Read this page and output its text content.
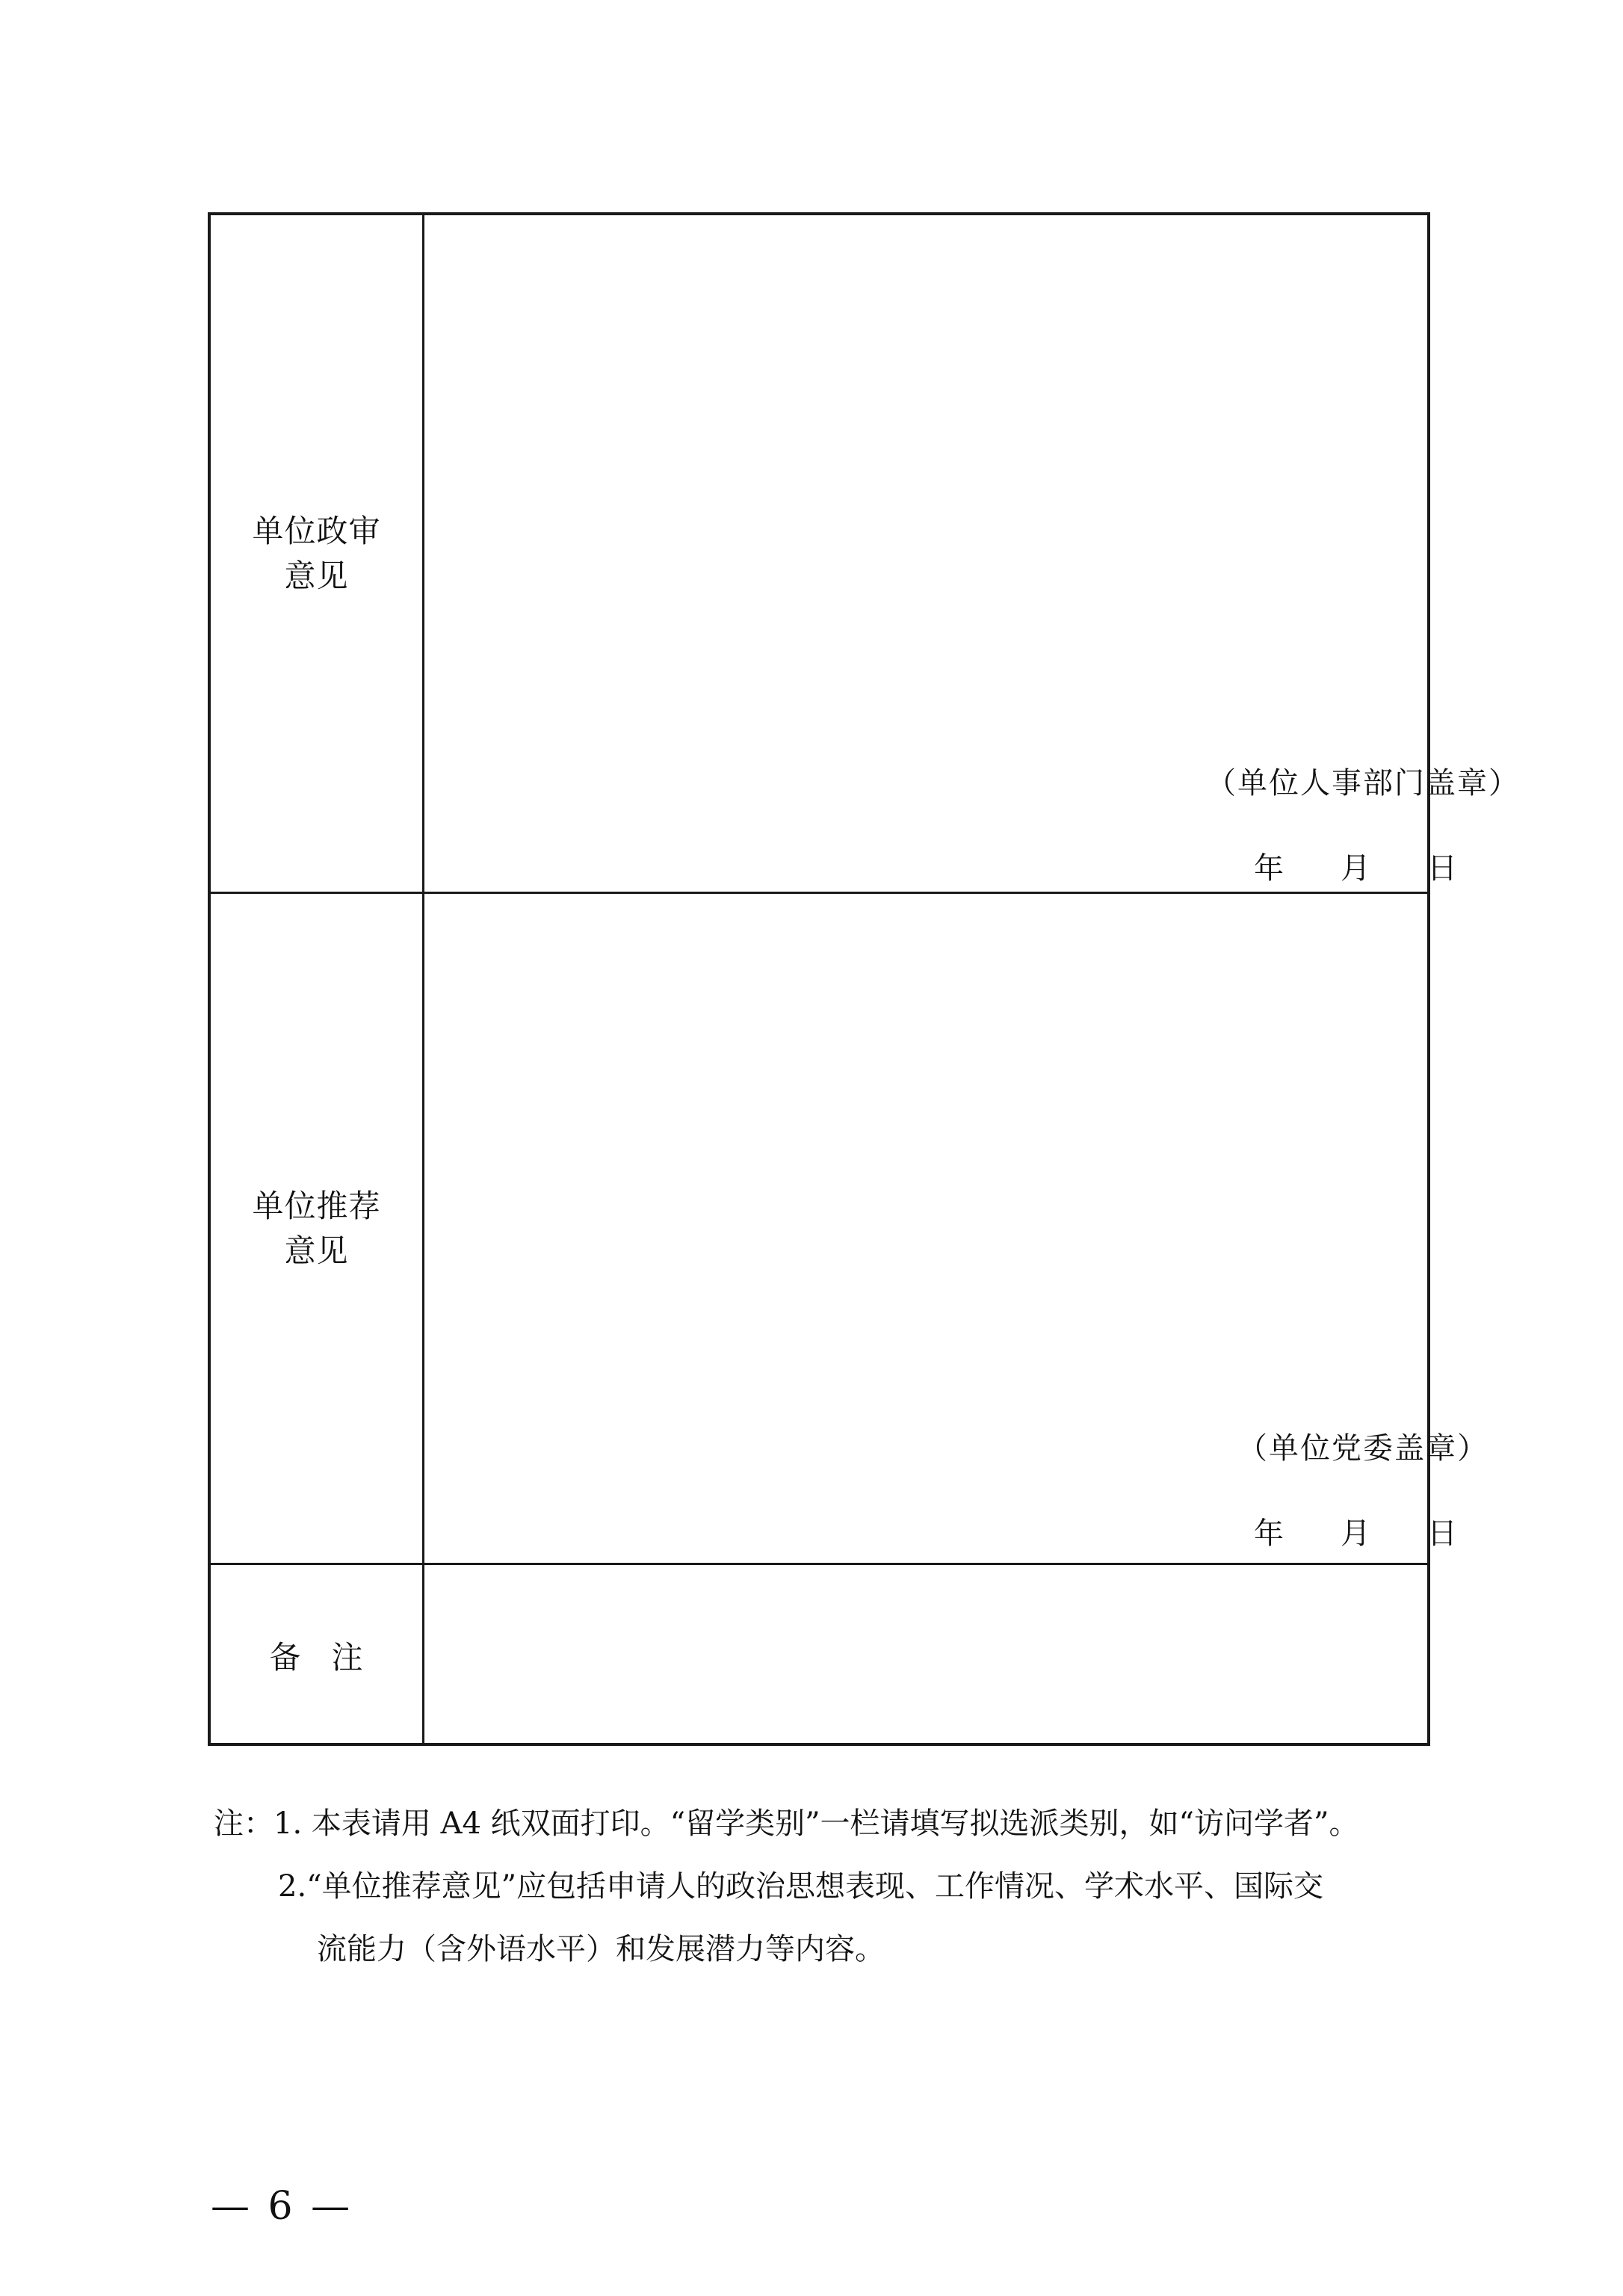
单位政审
意见
（单位人事部门盖章）
年	月	日
单位推荐
意见
（单位党委盖章）
年	月	日
备 注
注：1. 本表请用 A4 纸双面打印。“留学类别”一栏请填写拟选派类别，如“访问学者”。
2.“单位推荐意见”应包括申请人的政治思想表现、工作情况、学术水平、国际交
流能力（含外语水平）和发展潜力等内容。
— 6 —
